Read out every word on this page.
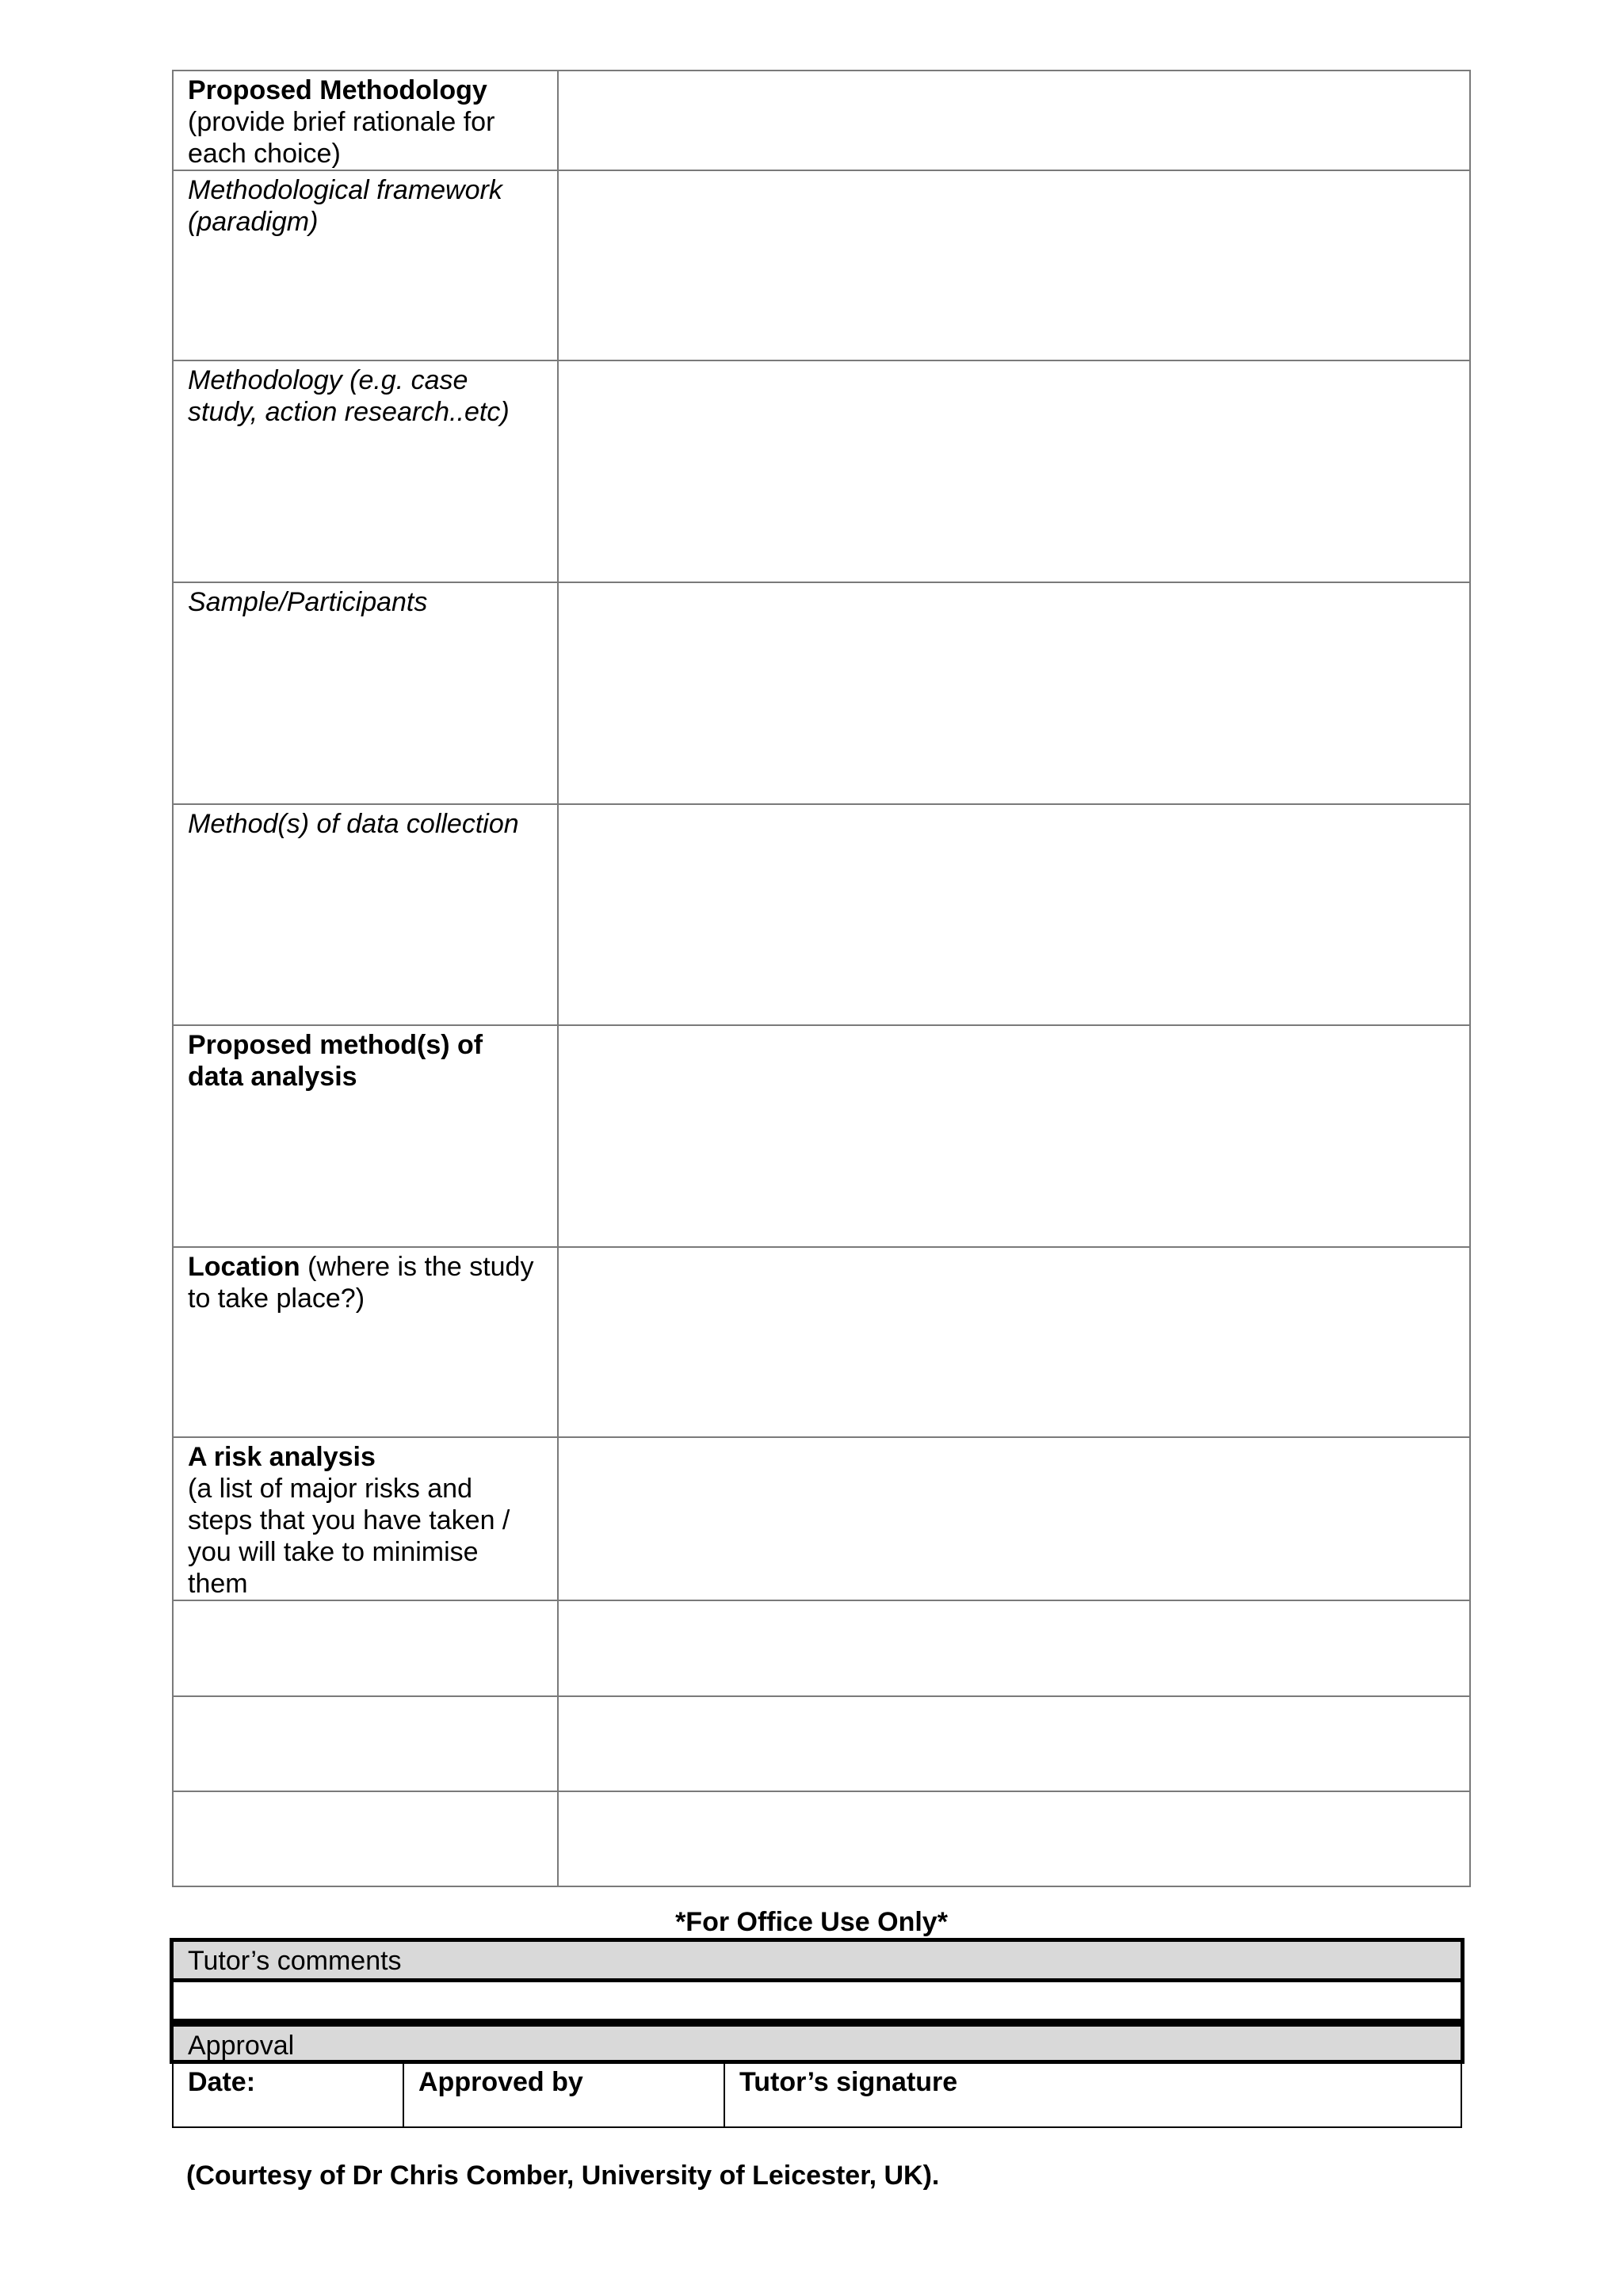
Proposed Methodology
(provide brief rationale for each choice)	
Methodological framework (paradigm)	
Methodology (e.g. case study, action research..etc)	
Sample/Participants	
Method(s) of data collection	
Proposed method(s) of data analysis	
Location (where is the study to take place?)	

A risk analysis
(a list of major risks and steps that you have taken / you will take to minimise them	

*For Office Use Only*
Tutor’s comments
Approval
Date:	Approved by	Tutor’s signature
(Courtesy of Dr Chris Comber, University of Leicester, UK).
